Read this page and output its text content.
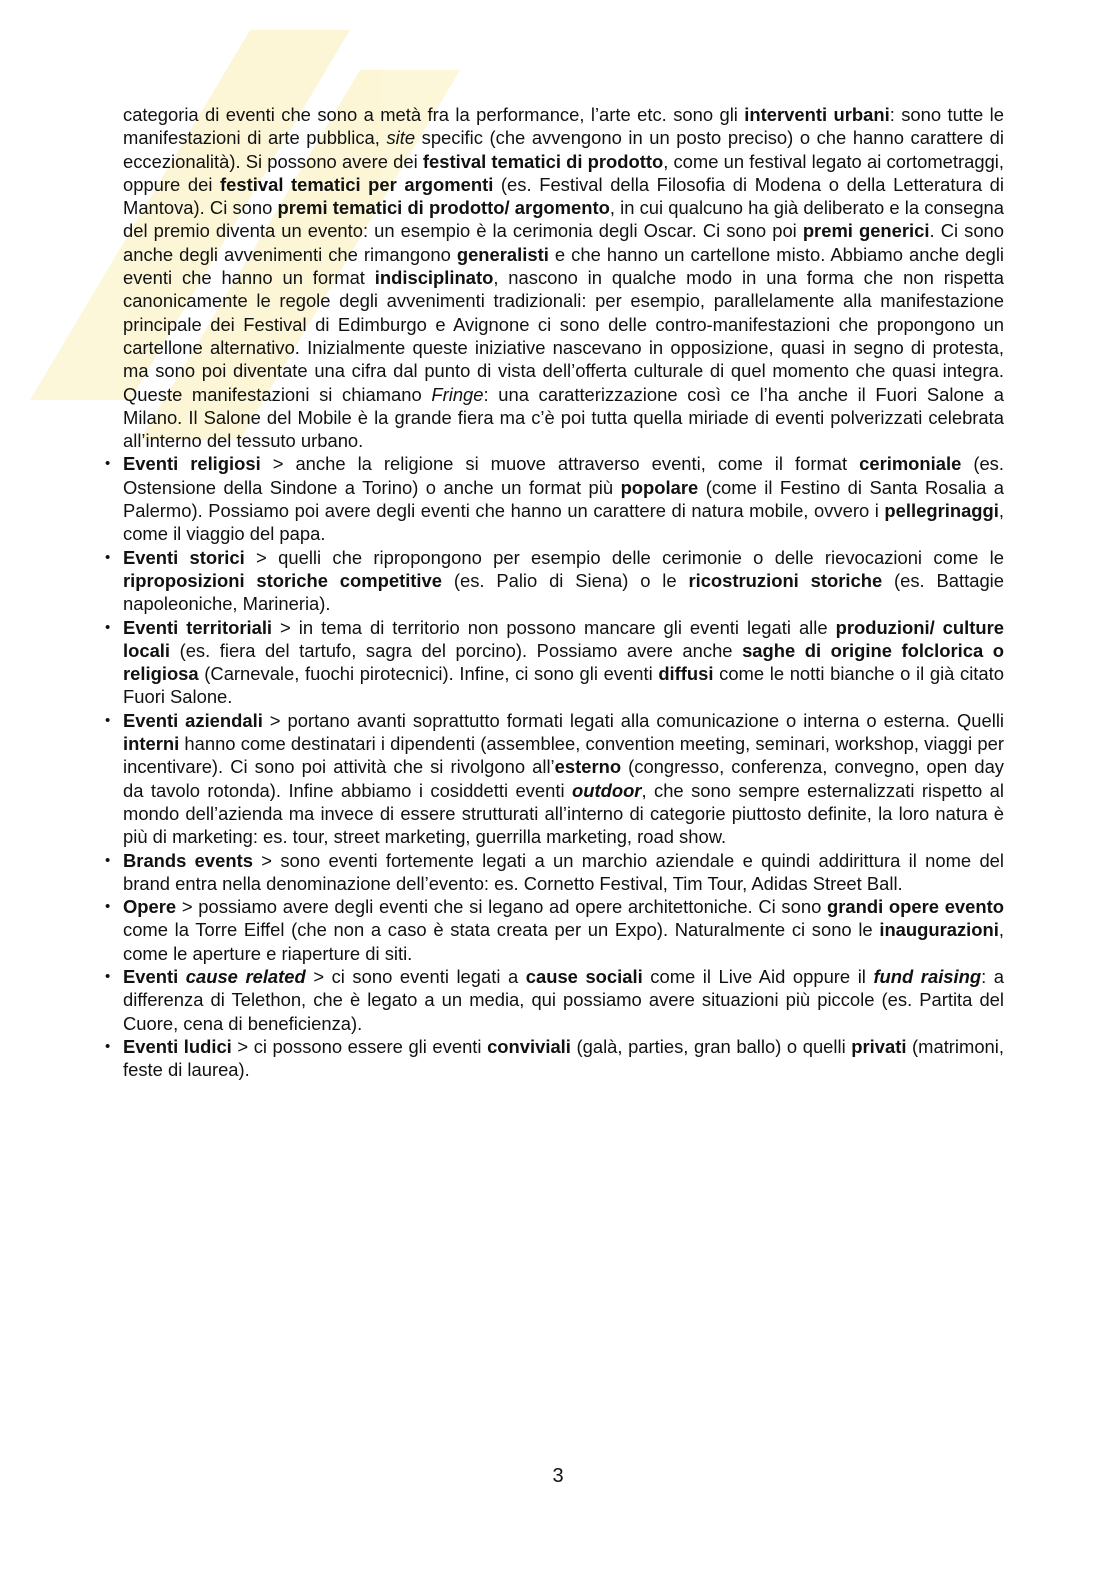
categoria di eventi che sono a metà fra la performance, l’arte etc. sono gli interventi urbani: sono tutte le manifestazioni di arte pubblica, site specific (che avvengono in un posto preciso) o che hanno carattere di eccezionalità). Si possono avere dei festival tematici di prodotto, come un festival legato ai cortometraggi, oppure dei festival tematici per argomenti (es. Festival della Filosofia di Modena o della Letteratura di Mantova). Ci sono premi tematici di prodotto/ argomento, in cui qualcuno ha già deliberato e la consegna del premio diventa un evento: un esempio è la cerimonia degli Oscar. Ci sono poi premi generici. Ci sono anche degli avvenimenti che rimangono generalisti e che hanno un cartellone misto. Abbiamo anche degli eventi che hanno un format indisciplinato, nascono in qualche modo in una forma che non rispetta canonicamente le regole degli avvenimenti tradizionali: per esempio, parallelamente alla manifestazione principale dei Festival di Edimburgo e Avignone ci sono delle contro-manifestazioni che propongono un cartellone alternativo. Inizialmente queste iniziative nascevano in opposizione, quasi in segno di protesta, ma sono poi diventate una cifra dal punto di vista dell’offerta culturale di quel momento che quasi integra. Queste manifestazioni si chiamano Fringe: una caratterizzazione così ce l’ha anche il Fuori Salone a Milano. Il Salone del Mobile è la grande fiera ma c’è poi tutta quella miriade di eventi polverizzati celebrata all’interno del tessuto urbano.

• Eventi religiosi > anche la religione si muove attraverso eventi, come il format cerimoniale (es. Ostensione della Sindone a Torino) o anche un format più popolare (come il Festino di Santa Rosalia a Palermo). Possiamo poi avere degli eventi che hanno un carattere di natura mobile, ovvero i pellegrinaggi, come il viaggio del papa.
• Eventi storici > quelli che ripropongono per esempio delle cerimonie o delle rievocazioni come le riproposizioni storiche competitive (es. Palio di Siena) o le ricostruzioni storiche (es. Battagie napoleoniche, Marineria).
• Eventi territoriali > in tema di territorio non possono mancare gli eventi legati alle produzioni/ culture locali (es. fiera del tartufo, sagra del porcino). Possiamo avere anche saghe di origine folclorica o religiosa (Carnevale, fuochi pirotecnici). Infine, ci sono gli eventi diffusi come le notti bianche o il già citato Fuori Salone.
• Eventi aziendali > portano avanti soprattutto formati legati alla comunicazione o interna o esterna. Quelli interni hanno come destinatari i dipendenti (assemblee, convention meeting, seminari, workshop, viaggi per incentivare). Ci sono poi attività che si rivolgono all’esterno (congresso, conferenza, convegno, open day da tavolo rotonda). Infine abbiamo i cosiddetti eventi outdoor, che sono sempre esternalizzati rispetto al mondo dell’azienda ma invece di essere strutturati all’interno di categorie piuttosto definite, la loro natura è più di marketing: es. tour, street marketing, guerrilla marketing, road show.
• Brands events > sono eventi fortemente legati a un marchio aziendale e quindi addirittura il nome del brand entra nella denominazione dell’evento: es. Cornetto Festival, Tim Tour, Adidas Street Ball.
• Opere > possiamo avere degli eventi che si legano ad opere architettoniche. Ci sono grandi opere evento come la Torre Eiffel (che non a caso è stata creata per un Expo). Naturalmente ci sono le inaugurazioni, come le aperture e riaperture di siti.
• Eventi cause related > ci sono eventi legati a cause sociali come il Live Aid oppure il fund raising: a differenza di Telethon, che è legato a un media, qui possiamo avere situazioni più piccole (es. Partita del Cuore, cena di beneficienza).
• Eventi ludici > ci possono essere gli eventi conviviali (galà, parties, gran ballo) o quelli privati (matrimoni, feste di laurea).
3
